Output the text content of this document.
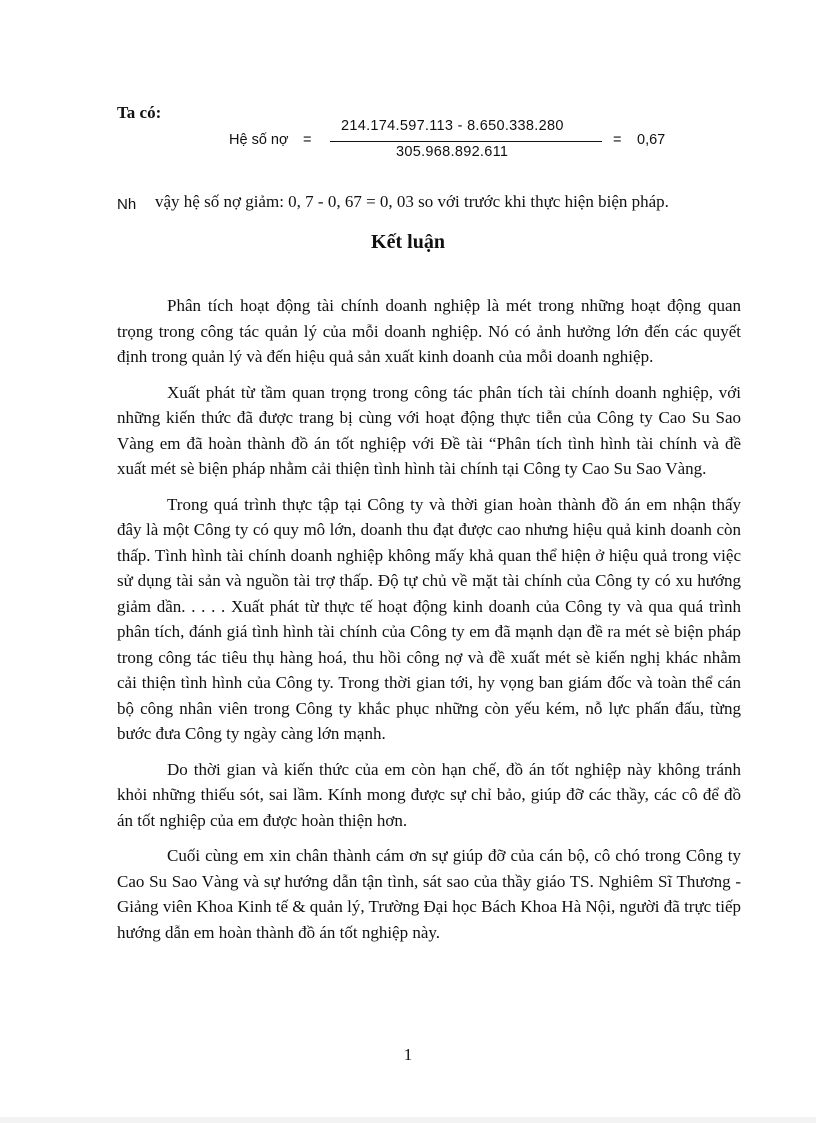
Ta có:
Hệ số nợ =
214.174.597.113 - 8.650.338.280
305.968.892.611
= 0,67
Nh vậy hệ số nợ giảm: 0, 7 - 0, 67 = 0, 03 so với trước khi thực hiện biện pháp.
Kết luận

Phân tích hoạt động tài chính doanh nghiệp là mét trong những hoạt động quan trọng trong công tác quản lý của mỗi doanh nghiệp. Nó có ảnh hưởng lớn đến các quyết định trong quản lý và đến hiệu quả sản xuất kinh doanh của mỗi doanh nghiệp.

Xuất phát từ tầm quan trọng trong công tác phân tích tài chính doanh nghiệp, với những kiến thức đã được trang bị cùng với hoạt động thực tiễn của Công ty Cao Su Sao Vàng em đã hoàn thành đồ án tốt nghiệp với Đề tài “Phân tích tình hình tài chính và đề xuất mét sè biện pháp nhằm cải thiện tình hình tài chính tại Công ty Cao Su Sao Vàng.

Trong quá trình thực tập tại Công ty và thời gian hoàn thành đồ án em nhận thấy đây là một Công ty có quy mô lớn, doanh thu đạt được cao nhưng hiệu quả kinh doanh còn thấp. Tình hình tài chính doanh nghiệp không mấy khả quan thể hiện ở hiệu quả trong việc sử dụng tài sản và nguồn tài trợ thấp. Độ tự chủ về mặt tài chính của Công ty có xu hướng giảm dần. . . . . Xuất phát từ thực tế hoạt động kinh doanh của Công ty và qua quá trình phân tích, đánh giá tình hình tài chính của Công ty em đã mạnh dạn đề ra mét sè biện pháp trong công tác tiêu thụ hàng hoá, thu hồi công nợ và đề xuất mét sè kiến nghị khác nhằm cải thiện tình hình của Công ty. Trong thời gian tới, hy vọng ban giám đốc và toàn thể cán bộ công nhân viên trong Công ty khắc phục những còn yếu kém, nỗ lực phấn đấu, từng bước đưa Công ty ngày càng lớn mạnh.

Do thời gian và kiến thức của em còn hạn chế, đồ án tốt nghiệp này không tránh khỏi những thiếu sót, sai lầm. Kính mong được sự chỉ bảo, giúp đỡ các thầy, các cô để đồ án tốt nghiệp của em được hoàn thiện hơn.

Cuối cùng em xin chân thành cám ơn sự giúp đỡ của cán bộ, cô chó trong Công ty Cao Su Sao Vàng và sự hướng dẫn tận tình, sát sao của thầy giáo TS. Nghiêm Sĩ Thương - Giảng viên Khoa Kinh tế & quản lý, Trường Đại học Bách Khoa Hà Nội, người đã trực tiếp hướng dẫn em hoàn thành đồ án tốt nghiệp này.

1
